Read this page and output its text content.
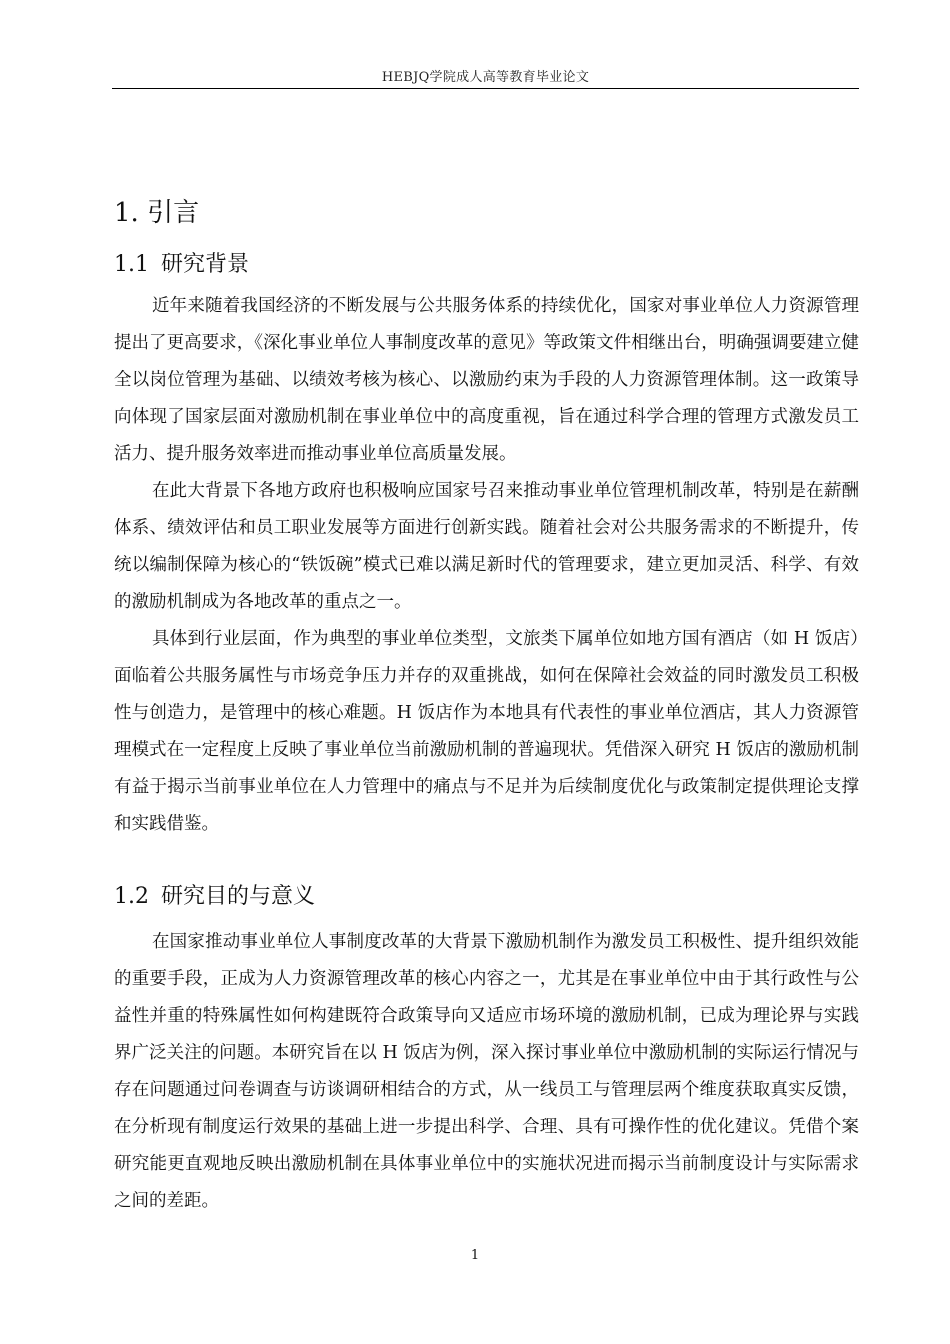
HEBJQ学院成人高等教育毕业论文
1. 引言
1.1 研究背景

近年来随着我国经济的不断发展与公共服务体系的持续优化，国家对事业单位人力资源管理提出了更高要求，《深化事业单位人事制度改革的意见》等政策文件相继出台，明确强调要建立健全以岗位管理为基础、以绩效考核为核心、以激励约束为手段的人力资源管理体制。这一政策导向体现了国家层面对激励机制在事业单位中的高度重视，旨在通过科学合理的管理方式激发员工活力、提升服务效率进而推动事业单位高质量发展。

在此大背景下各地方政府也积极响应国家号召来推动事业单位管理机制改革，特别是在薪酬体系、绩效评估和员工职业发展等方面进行创新实践。随着社会对公共服务需求的不断提升，传统以编制保障为核心的“铁饭碗”模式已难以满足新时代的管理要求，建立更加灵活、科学、有效的激励机制成为各地改革的重点之一。

具体到行业层面，作为典型的事业单位类型，文旅类下属单位如地方国有酒店（如 H 饭店）面临着公共服务属性与市场竞争压力并存的双重挑战，如何在保障社会效益的同时激发员工积极性与创造力，是管理中的核心难题。H 饭店作为本地具有代表性的事业单位酒店，其人力资源管理模式在一定程度上反映了事业单位当前激励机制的普遍现状。凭借深入研究 H 饭店的激励机制有益于揭示当前事业单位在人力管理中的痛点与不足并为后续制度优化与政策制定提供理论支撑和实践借鉴。

1.2 研究目的与意义

在国家推动事业单位人事制度改革的大背景下激励机制作为激发员工积极性、提升组织效能的重要手段，正成为人力资源管理改革的核心内容之一，尤其是在事业单位中由于其行政性与公益性并重的特殊属性如何构建既符合政策导向又适应市场环境的激励机制，已成为理论界与实践界广泛关注的问题。本研究旨在以 H 饭店为例，深入探讨事业单位中激励机制的实际运行情况与存在问题通过问卷调查与访谈调研相结合的方式，从一线员工与管理层两个维度获取真实反馈，在分析现有制度运行效果的基础上进一步提出科学、合理、具有可操作性的优化建议。凭借个案研究能更直观地反映出激励机制在具体事业单位中的实施状况进而揭示当前制度设计与实际需求之间的差距。

1
